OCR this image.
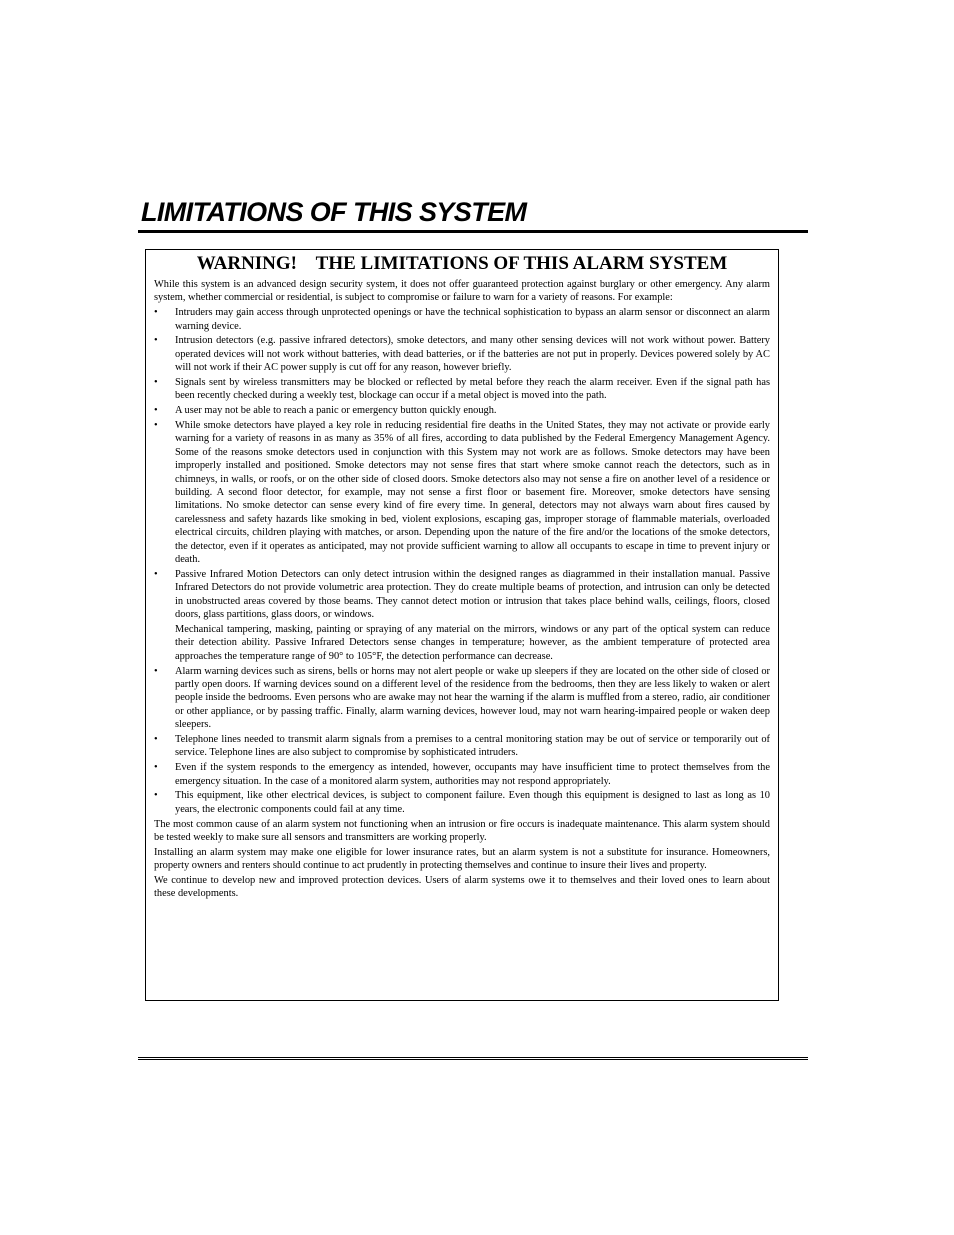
LIMITATIONS OF THIS SYSTEM
WARNING!    THE LIMITATIONS OF THIS ALARM SYSTEM

While this system is an advanced design security system, it does not offer guaranteed protection against burglary or other emergency. Any alarm system, whether commercial or residential, is subject to compromise or failure to warn for a variety of reasons. For example:

• Intruders may gain access through unprotected openings or have the technical sophistication to bypass an alarm sensor or disconnect an alarm warning device.
• Intrusion detectors (e.g. passive infrared detectors), smoke detectors, and many other sensing devices will not work without power. Battery operated devices will not work without batteries, with dead batteries, or if the batteries are not put in properly. Devices powered solely by AC will not work if their AC power supply is cut off for any reason, however briefly.
• Signals sent by wireless transmitters may be blocked or reflected by metal before they reach the alarm receiver. Even if the signal path has been recently checked during a weekly test, blockage can occur if a metal object is moved into the path.
• A user may not be able to reach a panic or emergency button quickly enough.
• While smoke detectors have played a key role in reducing residential fire deaths in the United States, they may not activate or provide early warning for a variety of reasons in as many as 35% of all fires, according to data published by the Federal Emergency Management Agency. Some of the reasons smoke detectors used in conjunction with this System may not work are as follows. Smoke detectors may have been improperly installed and positioned. Smoke detectors may not sense fires that start where smoke cannot reach the detectors, such as in chimneys, in walls, or roofs, or on the other side of closed doors. Smoke detectors also may not sense a fire on another level of a residence or building. A second floor detector, for example, may not sense a first floor or basement fire. Moreover, smoke detectors have sensing limitations. No smoke detector can sense every kind of fire every time. In general, detectors may not always warn about fires caused by carelessness and safety hazards like smoking in bed, violent explosions, escaping gas, improper storage of flammable materials, overloaded electrical circuits, children playing with matches, or arson. Depending upon the nature of the fire and/or the locations of the smoke detectors, the detector, even if it operates as anticipated, may not provide sufficient warning to allow all occupants to escape in time to prevent injury or death.
• Passive Infrared Motion Detectors can only detect intrusion within the designed ranges as diagrammed in their installation manual. Passive Infrared Detectors do not provide volumetric area protection. They do create multiple beams of protection, and intrusion can only be detected in unobstructed areas covered by those beams. They cannot detect motion or intrusion that takes place behind walls, ceilings, floors, closed doors, glass partitions, glass doors, or windows.
Mechanical tampering, masking, painting or spraying of any material on the mirrors, windows or any part of the optical system can reduce their detection ability. Passive Infrared Detectors sense changes in temperature; however, as the ambient temperature of protected area approaches the temperature range of 90° to 105°F, the detection performance can decrease.
• Alarm warning devices such as sirens, bells or horns may not alert people or wake up sleepers if they are located on the other side of closed or partly open doors. If warning devices sound on a different level of the residence from the bedrooms, then they are less likely to waken or alert people inside the bedrooms. Even persons who are awake may not hear the warning if the alarm is muffled from a stereo, radio, air conditioner or other appliance, or by passing traffic. Finally, alarm warning devices, however loud, may not warn hearing-impaired people or waken deep sleepers.
• Telephone lines needed to transmit alarm signals from a premises to a central monitoring station may be out of service or temporarily out of service. Telephone lines are also subject to compromise by sophisticated intruders.
• Even if the system responds to the emergency as intended, however, occupants may have insufficient time to protect themselves from the emergency situation. In the case of a monitored alarm system, authorities may not respond appropriately.
• This equipment, like other electrical devices, is subject to component failure. Even though this equipment is designed to last as long as 10 years, the electronic components could fail at any time.

The most common cause of an alarm system not functioning when an intrusion or fire occurs is inadequate maintenance. This alarm system should be tested weekly to make sure all sensors and transmitters are working properly.

Installing an alarm system may make one eligible for lower insurance rates, but an alarm system is not a substitute for insurance. Homeowners, property owners and renters should continue to act prudently in protecting themselves and continue to insure their lives and property.

We continue to develop new and improved protection devices. Users of alarm systems owe it to themselves and their loved ones to learn about these developments.
